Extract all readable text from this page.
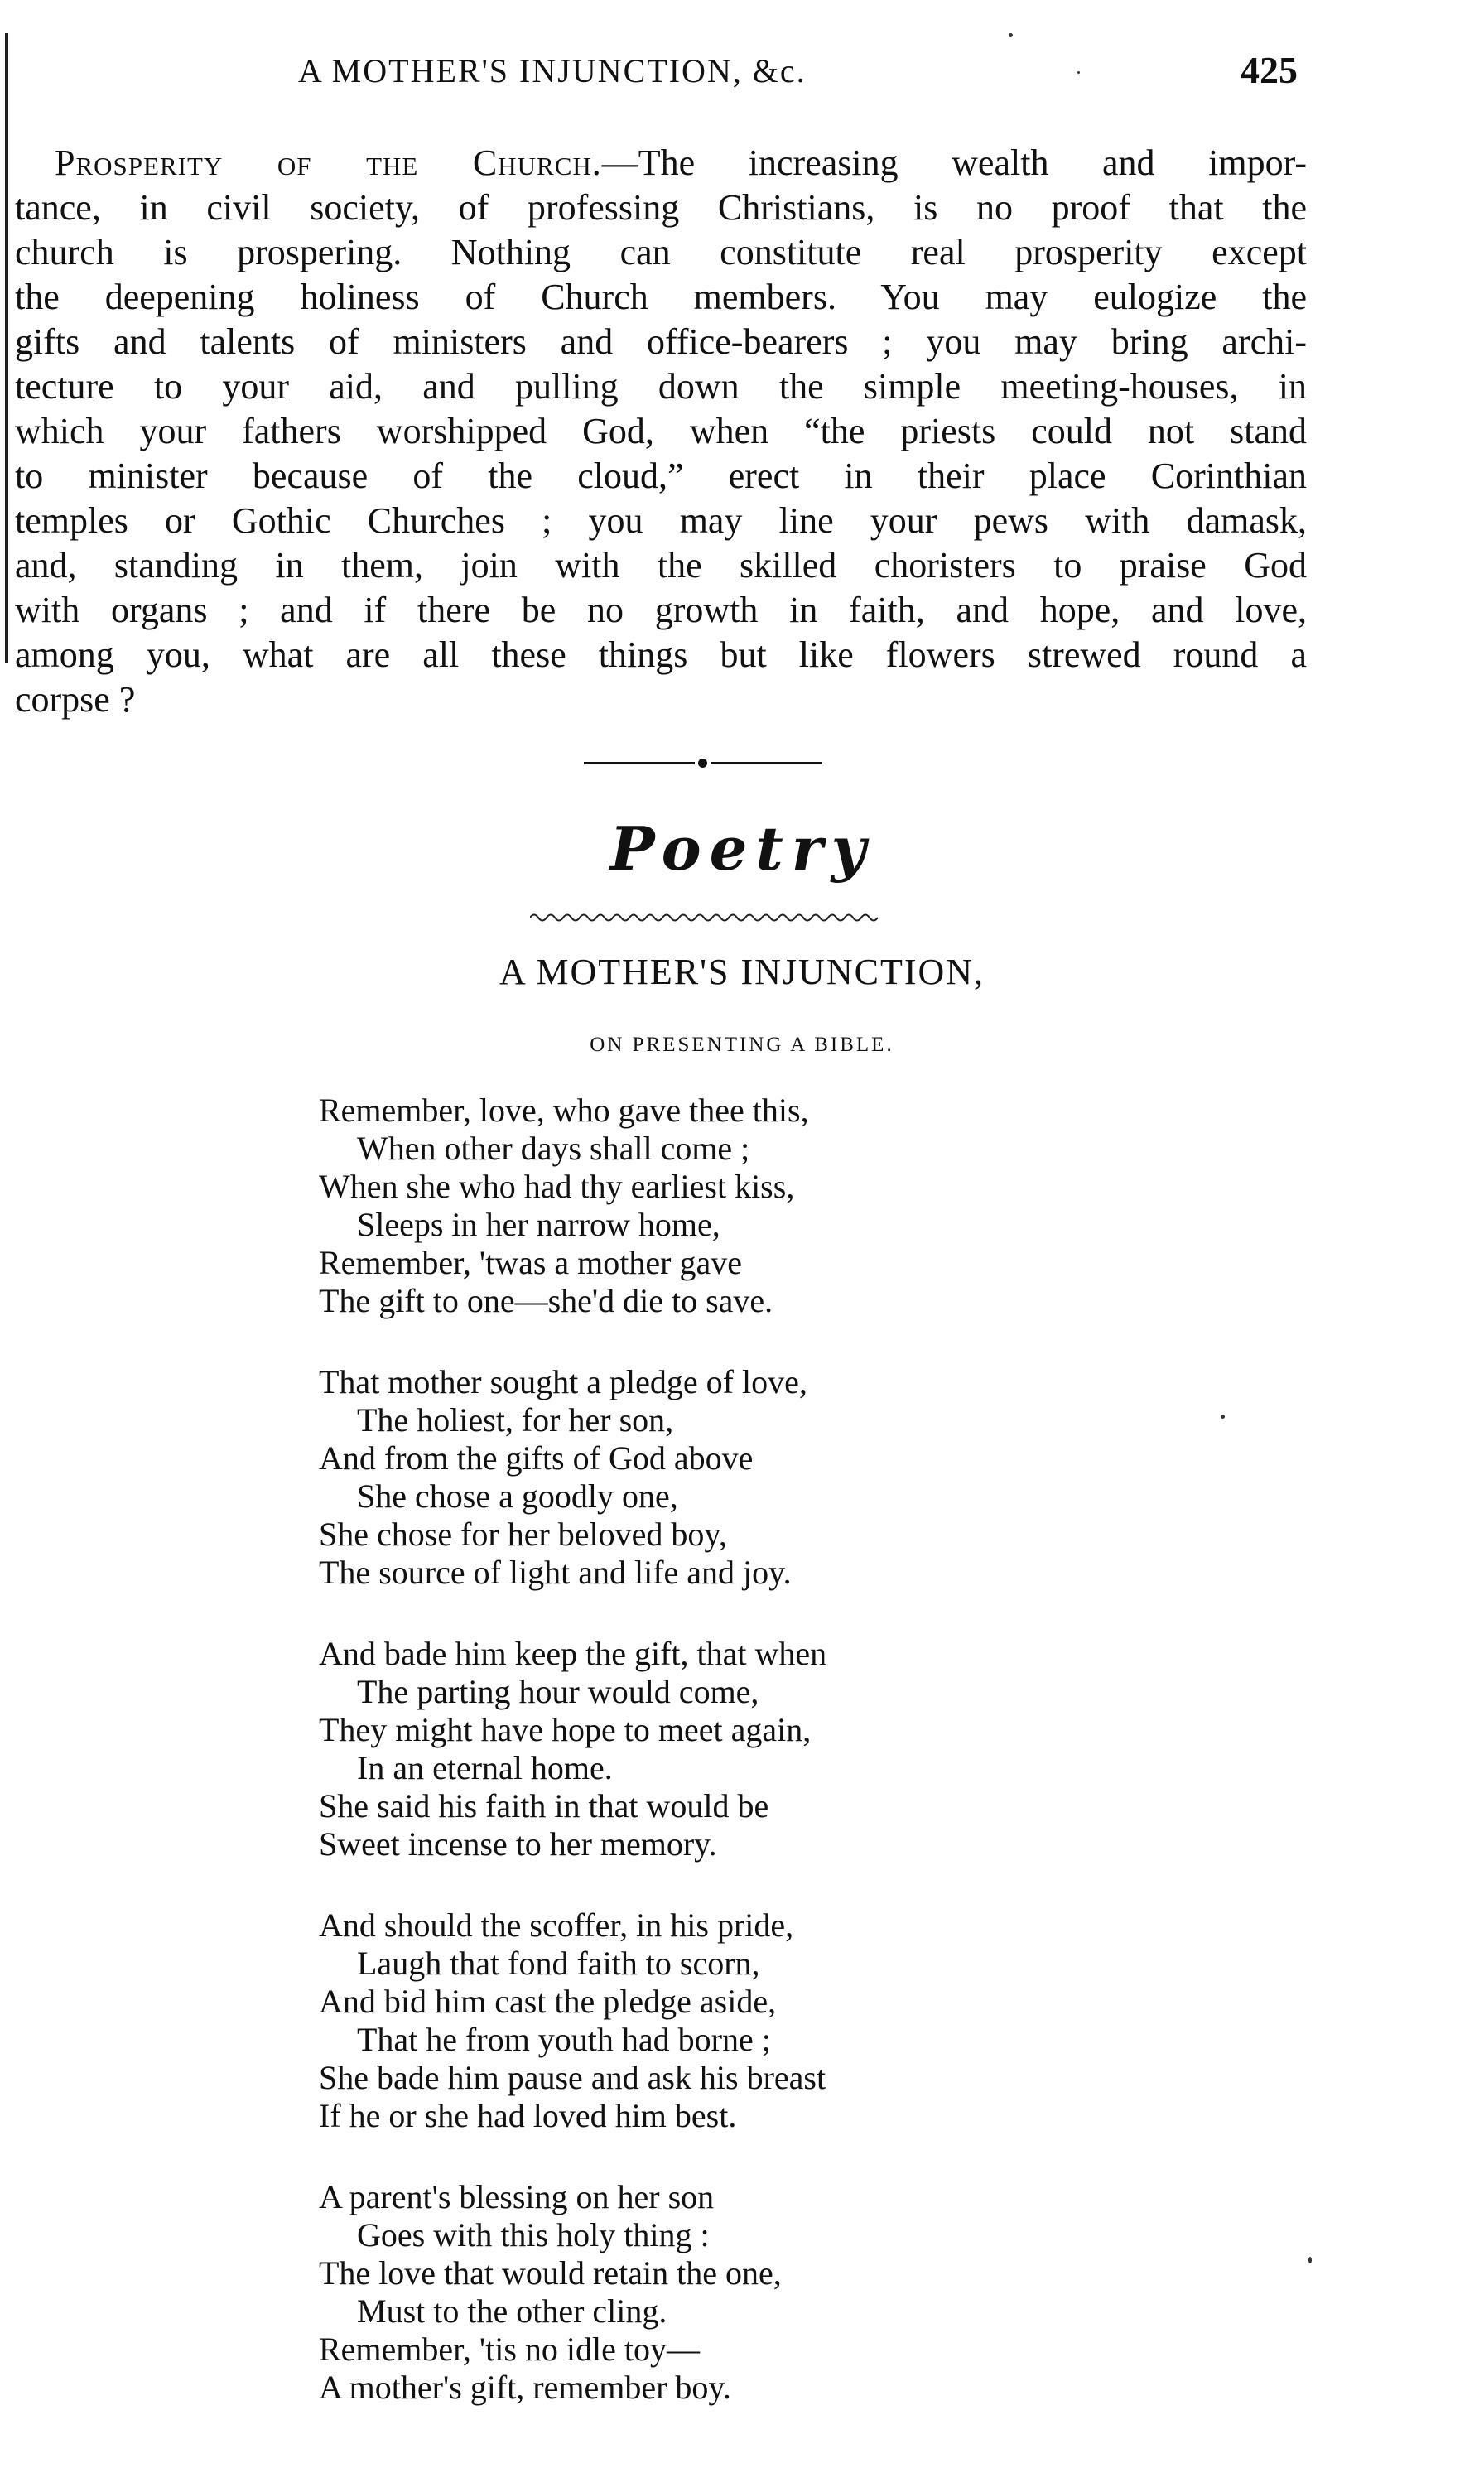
A MOTHER'S INJUNCTION, &c.	425
Prosperity of the Church.—The increasing wealth and impor-
tance, in civil society, of professing Christians, is no proof that the
church is prospering. Nothing can constitute real prosperity except
the deepening holiness of Church members. You may eulogize the
gifts and talents of ministers and office-bearers ; you may bring archi-
tecture to your aid, and pulling down the simple meeting-houses, in
which your fathers worshipped God, when “the priests could not stand
to minister because of the cloud,” erect in their place Corinthian
temples or Gothic Churches ; you may line your pews with damask,
and, standing in them, join with the skilled choristers to praise God
with organs ; and if there be no growth in faith, and hope, and love,
among you, what are all these things but like flowers strewed round a
corpse ?
Poetry
A MOTHER'S INJUNCTION,
ON PRESENTING A BIBLE.
Remember, love, who gave thee this,
When other days shall come ;
When she who had thy earliest kiss,
Sleeps in her narrow home,
Remember, 'twas a mother gave
The gift to one—she'd die to save.
That mother sought a pledge of love,
The holiest, for her son,
And from the gifts of God above
She chose a goodly one,
She chose for her beloved boy,
The source of light and life and joy.
And bade him keep the gift, that when
The parting hour would come,
They might have hope to meet again,
In an eternal home.
She said his faith in that would be
Sweet incense to her memory.
And should the scoffer, in his pride,
Laugh that fond faith to scorn,
And bid him cast the pledge aside,
That he from youth had borne ;
She bade him pause and ask his breast
If he or she had loved him best.
A parent's blessing on her son
Goes with this holy thing :
The love that would retain the one,
Must to the other cling.
Remember, 'tis no idle toy—
A mother's gift, remember boy.
